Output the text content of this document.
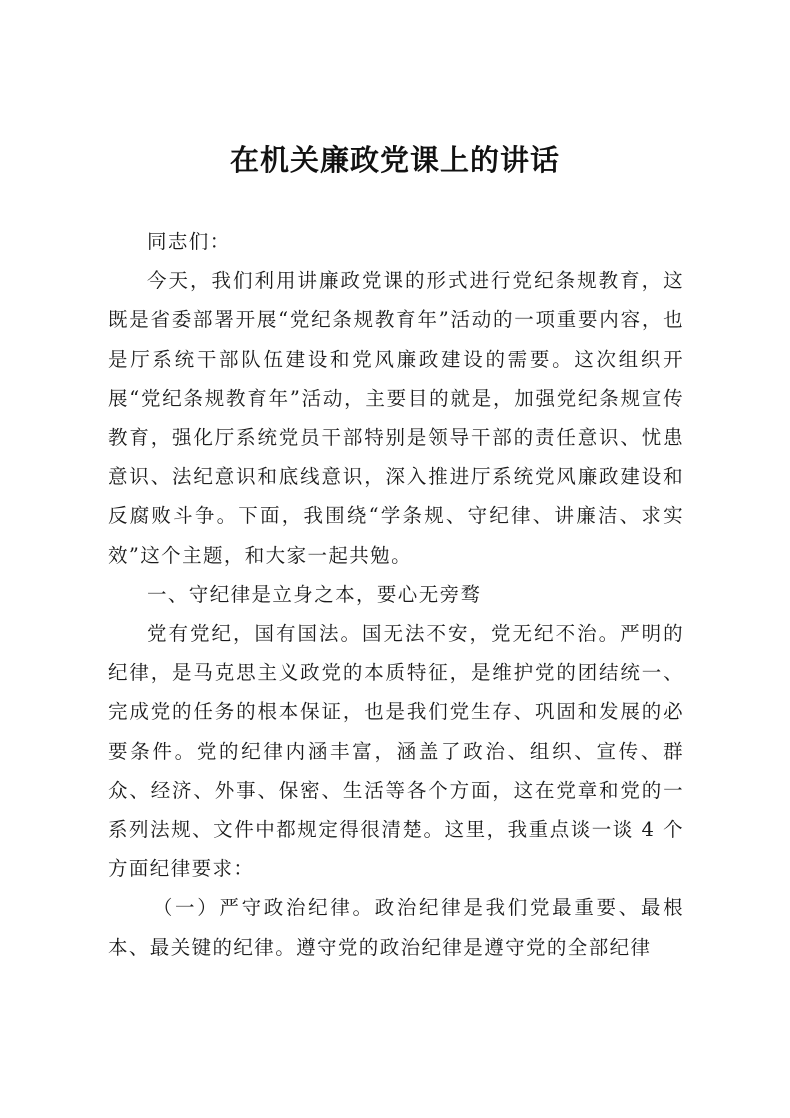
在机关廉政党课上的讲话

同志们：

今天，我们利用讲廉政党课的形式进行党纪条规教育，这既是省委部署开展“党纪条规教育年”活动的一项重要内容，也是厅系统干部队伍建设和党风廉政建设的需要。这次组织开展“党纪条规教育年”活动，主要目的就是，加强党纪条规宣传教育，强化厅系统党员干部特别是领导干部的责任意识、忧患意识、法纪意识和底线意识，深入推进厅系统党风廉政建设和反腐败斗争。下面，我围绕“学条规、守纪律、讲廉洁、求实效”这个主题，和大家一起共勉。

一、守纪律是立身之本，要心无旁骛

党有党纪，国有国法。国无法不安，党无纪不治。严明的纪律，是马克思主义政党的本质特征，是维护党的团结统一、完成党的任务的根本保证，也是我们党生存、巩固和发展的必要条件。党的纪律内涵丰富，涵盖了政治、组织、宣传、群众、经济、外事、保密、生活等各个方面，这在党章和党的一系列法规、文件中都规定得很清楚。这里，我重点谈一谈 4 个方面纪律要求：

（一）严守政治纪律。政治纪律是我们党最重要、最根本、最关键的纪律。遵守党的政治纪律是遵守党的全部纪律
